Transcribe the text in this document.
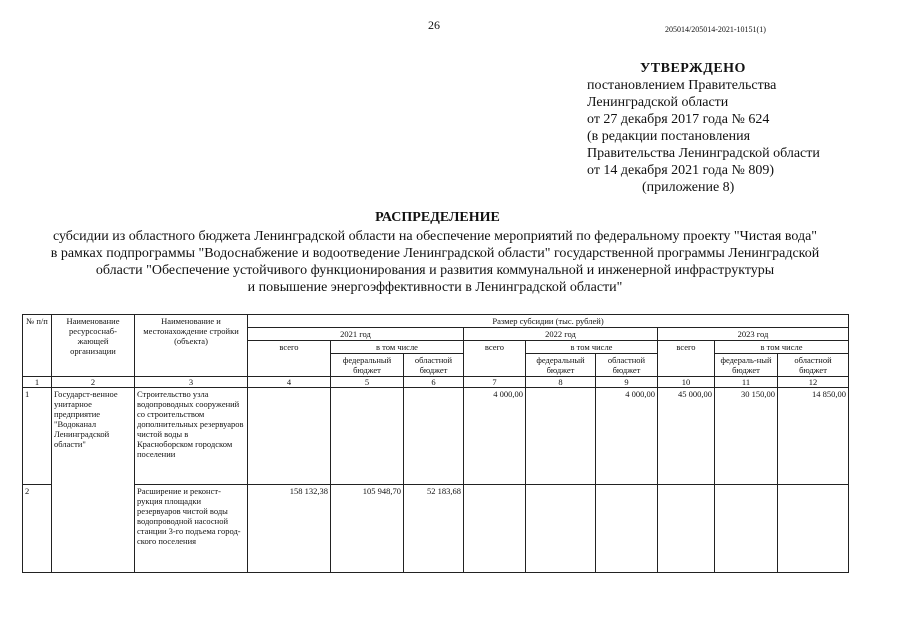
26	205014/205014-2021-10151(1)
УТВЕРЖДЕНО
постановлением Правительства
Ленинградской области
от 27 декабря 2017 года № 624
(в редакции постановления
Правительства Ленинградской области
от 14 декабря 2021 года № 809)
(приложение 8)
РАСПРЕДЕЛЕНИЕ
субсидии из областного бюджета Ленинградской области на обеспечение мероприятий по федеральному проекту "Чистая вода"
в рамках подпрограммы "Водоснабжение и водоотведение Ленинградской области" государственной программы Ленинградской
области "Обеспечение устойчивого функционирования и развития коммунальной и инженерной инфраструктуры
и повышение энергоэффективности в Ленинградской области"
№ п/п	Наименование ресурсоснаб-жающей организации	Наименование и местонахождение стройки (объекта)	Размер субсидии (тыс. рублей)								
			2021 год			2022 год			2023 год		
			всего	в том числе		всего	в том числе		всего	в том числе	
				федеральный бюджет	областной бюджет		федеральный бюджет	областной бюджет		федераль-ный бюджет	областной бюджет
1	2	3	4	5	6	7	8	9	10	11	12
1	Государст-венное унитарное предприятие "Водоканал Ленинградской области"	Строительство узла водопроводных сооружений со строительством дополнительных резервуаров чистой воды в Красноборском городском поселении				4 000,00		4 000,00	45 000,00	30 150,00	14 850,00
2		Расширение и реконст-рукция площадки резервуаров чистой воды водопроводной насосной станции 3-го подъема город-ского поселения	158 132,38	105 948,70	52 183,68						
